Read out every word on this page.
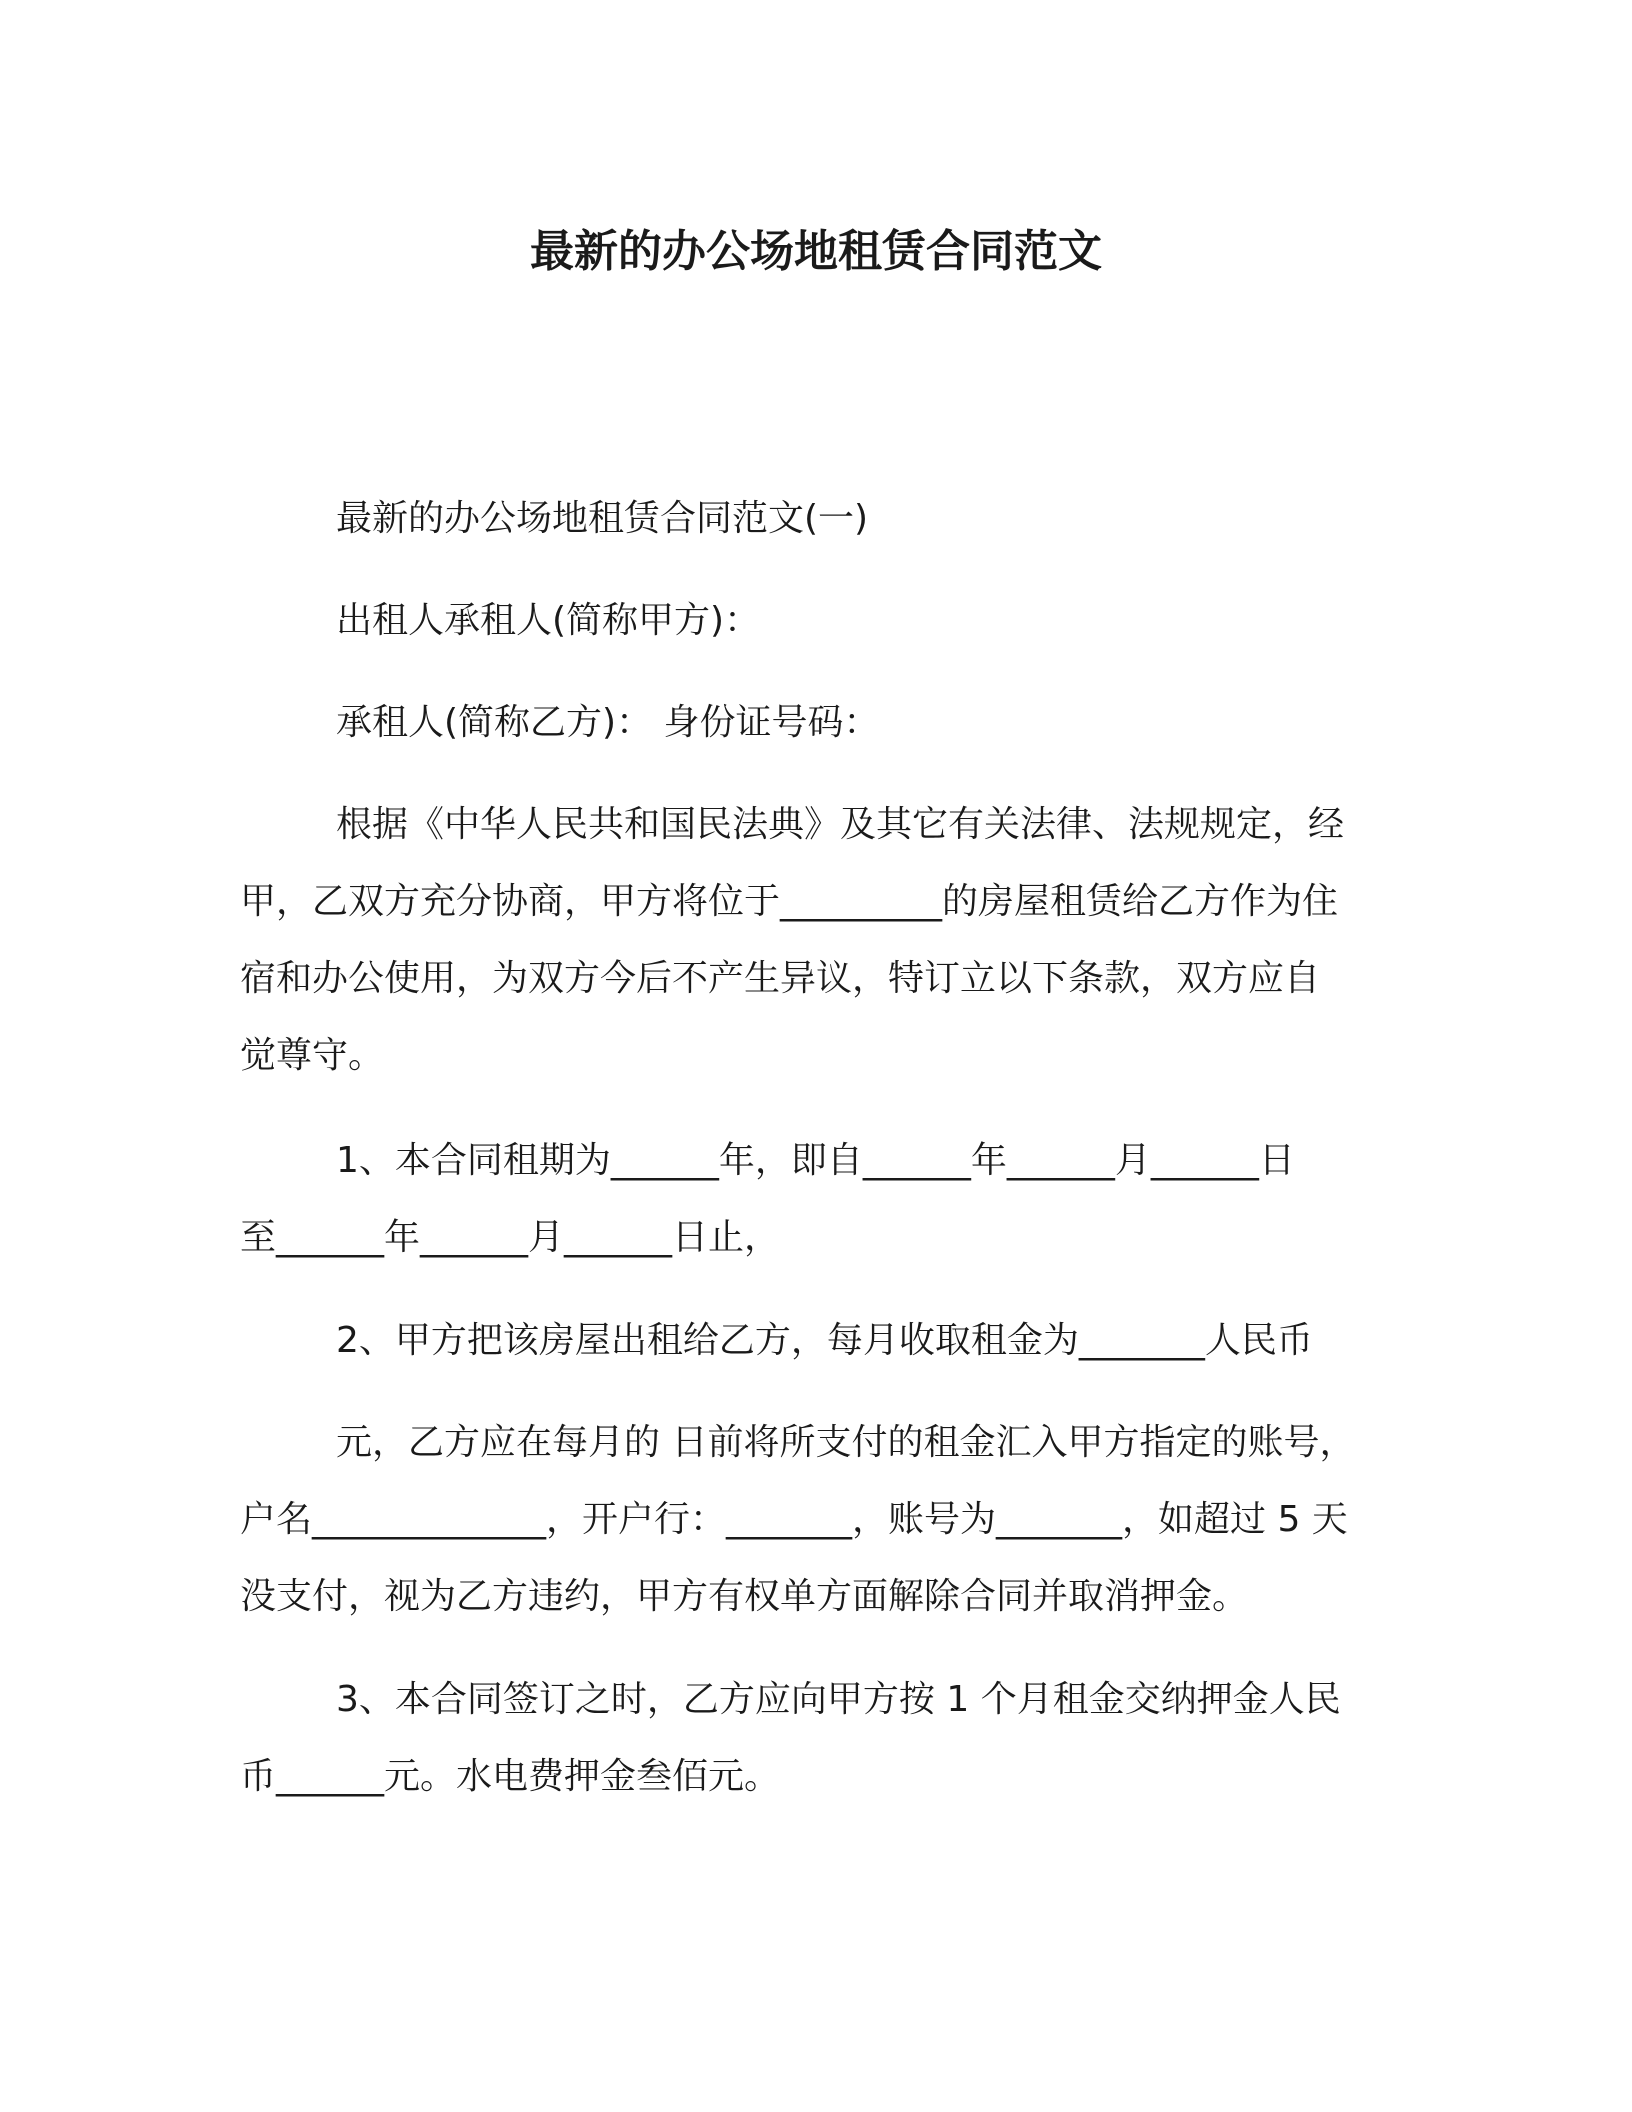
最新的办公场地租赁合同范文
最新的办公场地租赁合同范文(一)
出租人承租人(简称甲方)：
承租人(简称乙方)： 身份证号码：
根据《中华人民共和国民法典》及其它有关法律、法规规定，经
甲，乙双方充分协商，甲方将位于_________的房屋租赁给乙方作为住
宿和办公使用，为双方今后不产生异议，特订立以下条款，双方应自
觉尊守。
1、本合同租期为______年，即自______年______月______日
至______年______月______日止，
2、甲方把该房屋出租给乙方，每月收取租金为_______人民币
元，乙方应在每月的 日前将所支付的租金汇入甲方指定的账号，
户名_____________，开户行：_______，账号为_______，如超过 5 天
没支付，视为乙方违约，甲方有权单方面解除合同并取消押金。
3、本合同签订之时，乙方应向甲方按 1 个月租金交纳押金人民
币______元。水电费押金叁佰元。
